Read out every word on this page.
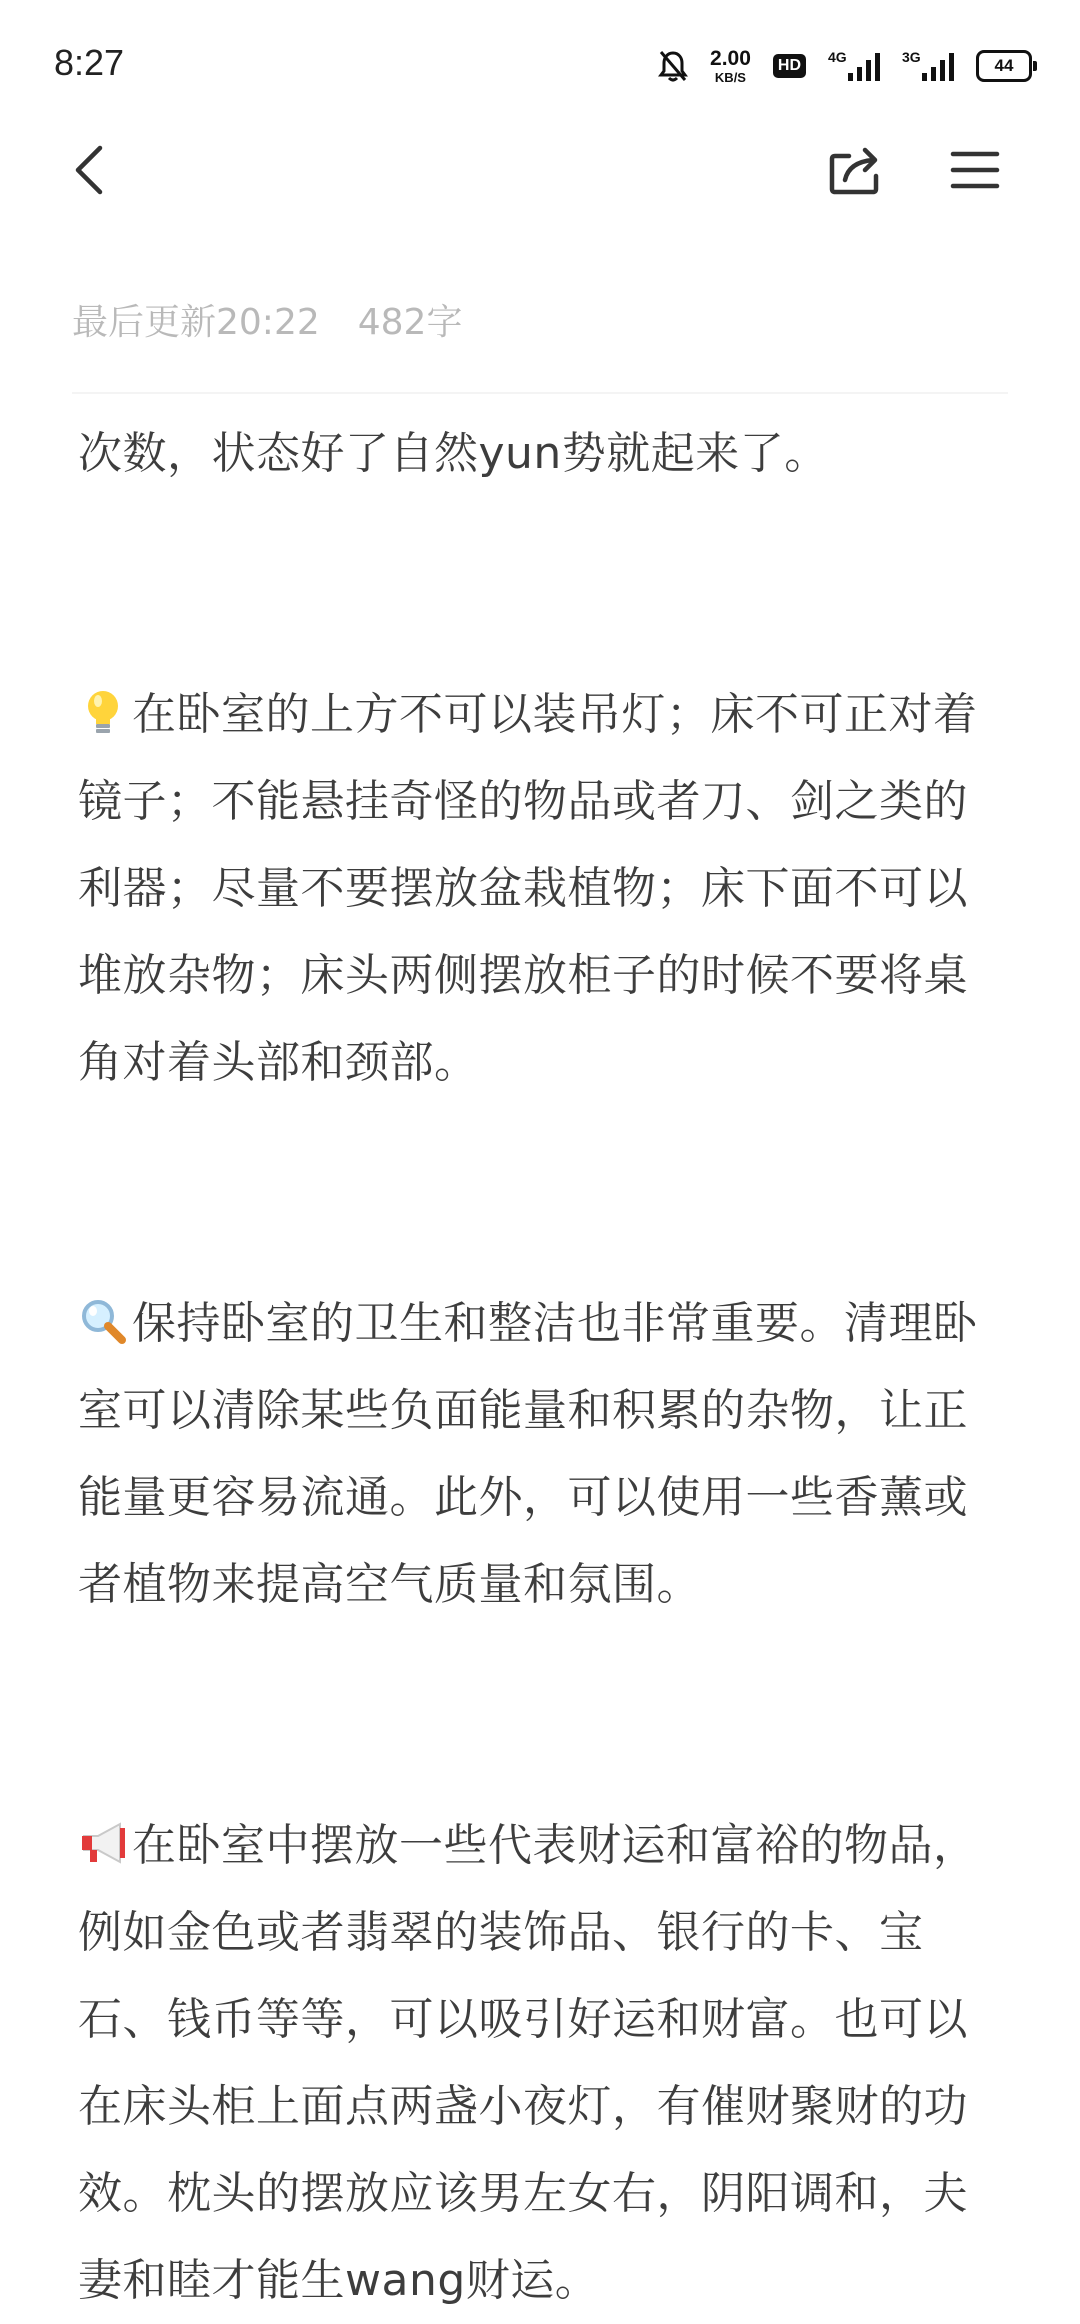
8:27	2.00
KB/S
HD	4G	3G	44
最后更新20:22 482字

次数，状态好了自然yun势就起来了。

在卧室的上方不可以装吊灯；床不可正对着镜子；不能悬挂奇怪的物品或者刀、剑之类的利器；尽量不要摆放盆栽植物；床下面不可以堆放杂物；床头两侧摆放柜子的时候不要将桌角对着头部和颈部。

保持卧室的卫生和整洁也非常重要。清理卧室可以清除某些负面能量和积累的杂物，让正能量更容易流通。此外，可以使用一些香薰或者植物来提高空气质量和氛围。

在卧室中摆放一些代表财运和富裕的物品，例如金色或者翡翠的装饰品、银行的卡、宝石、钱币等等，可以吸引好运和财富。也可以在床头柜上面点两盏小夜灯，有催财聚财的功效。枕头的摆放应该男左女右，阴阳调和，夫妻和睦才能生wang财运。
